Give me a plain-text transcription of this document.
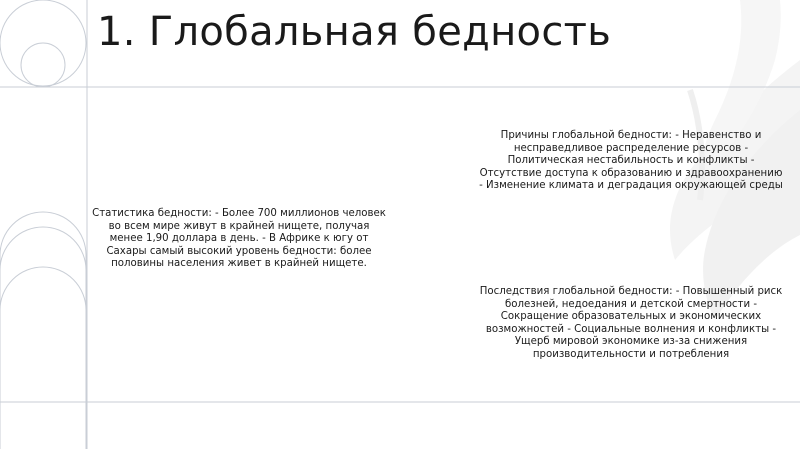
1. Глобальная бедность
Причины глобальной бедности: - Неравенство и несправедливое распределение ресурсов - Политическая нестабильность и конфликты - Отсутствие доступа к образованию и здравоохранению - Изменение климата и деградация окружающей среды
Статистика бедности: - Более 700 миллионов человек во всем мире живут в крайней нищете, получая менее 1,90 доллара в день. - В Африке к югу от Сахары самый высокий уровень бедности: более половины населения живет в крайней нищете.
Последствия глобальной бедности: - Повышенный риск болезней, недоедания и детской смертности - Сокращение образовательных и экономических возможностей - Социальные волнения и конфликты - Ущерб мировой экономике из-за снижения производительности и потребления
